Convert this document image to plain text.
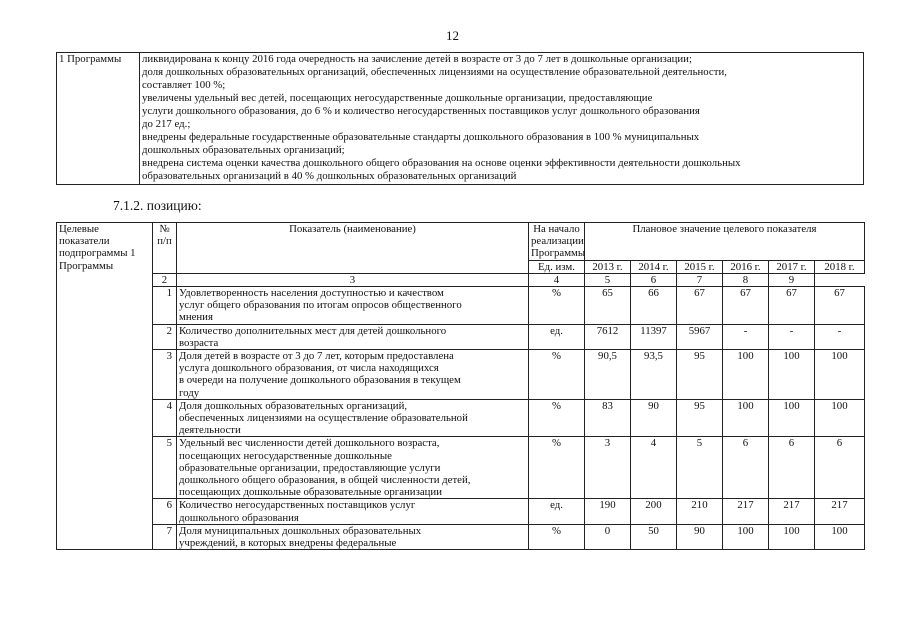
12
1 Программы	ликвидирована к концу 2016 года очередность на зачисление детей в возрасте от 3 до 7 лет в дошкольные организации;
доля дошкольных образовательных организаций, обеспеченных лицензиями на осуществление образовательной деятельности,
составляет 100 %;
увеличены удельный вес детей, посещающих негосударственные дошкольные организации, предоставляющие
услуги дошкольного образования, до 6 % и количество негосударственных поставщиков услуг дошкольного образования
до 217 ед.;
внедрены федеральные государственные образовательные стандарты дошкольного образования в 100 % муниципальных
дошкольных образовательных организаций;
внедрена система оценки качества дошкольного общего образования на основе оценки эффективности деятельности дошкольных
образовательных организаций в 40 % дошкольных образовательных организаций
7.1.2. позицию:
Целевые показатели подпрограммы 1 Программы	№ п/п	Показатель (наименование)	На начало реализации Программы	Плановое значение целевого показателя					
			Ед. изм.	2013 г.	2014 г.	2015 г.	2016 г.	2017 г.	2018 г.
	2	3	4	5	6	7	8	9	
	1	Удовлетворенность населения доступностью и качеством
услуг общего образования по итогам опросов общественного
мнения	%	65	66	67	67	67	67
	2	Количество дополнительных мест для детей дошкольного
возраста	ед.	7612	11397	5967	-	-	-
	3	Доля детей в возрасте от 3 до 7 лет, которым предоставлена
услуга дошкольного образования, от числа находящихся
в очереди на получение дошкольного образования в текущем
году	%	90,5	93,5	95	100	100	100
	4	Доля дошкольных образовательных организаций,
обеспеченных лицензиями на осуществление образовательной
деятельности	%	83	90	95	100	100	100
	5	Удельный вес численности детей дошкольного возраста,
посещающих негосударственные дошкольные
образовательные организации, предоставляющие услуги
дошкольного общего образования, в общей численности детей,
посещающих дошкольные образовательные организации	%	3	4	5	6	6	6
	6	Количество негосударственных поставщиков услуг
дошкольного образования	ед.	190	200	210	217	217	217
	7	Доля муниципальных дошкольных образовательных
учреждений, в которых внедрены федеральные	%	0	50	90	100	100	100
